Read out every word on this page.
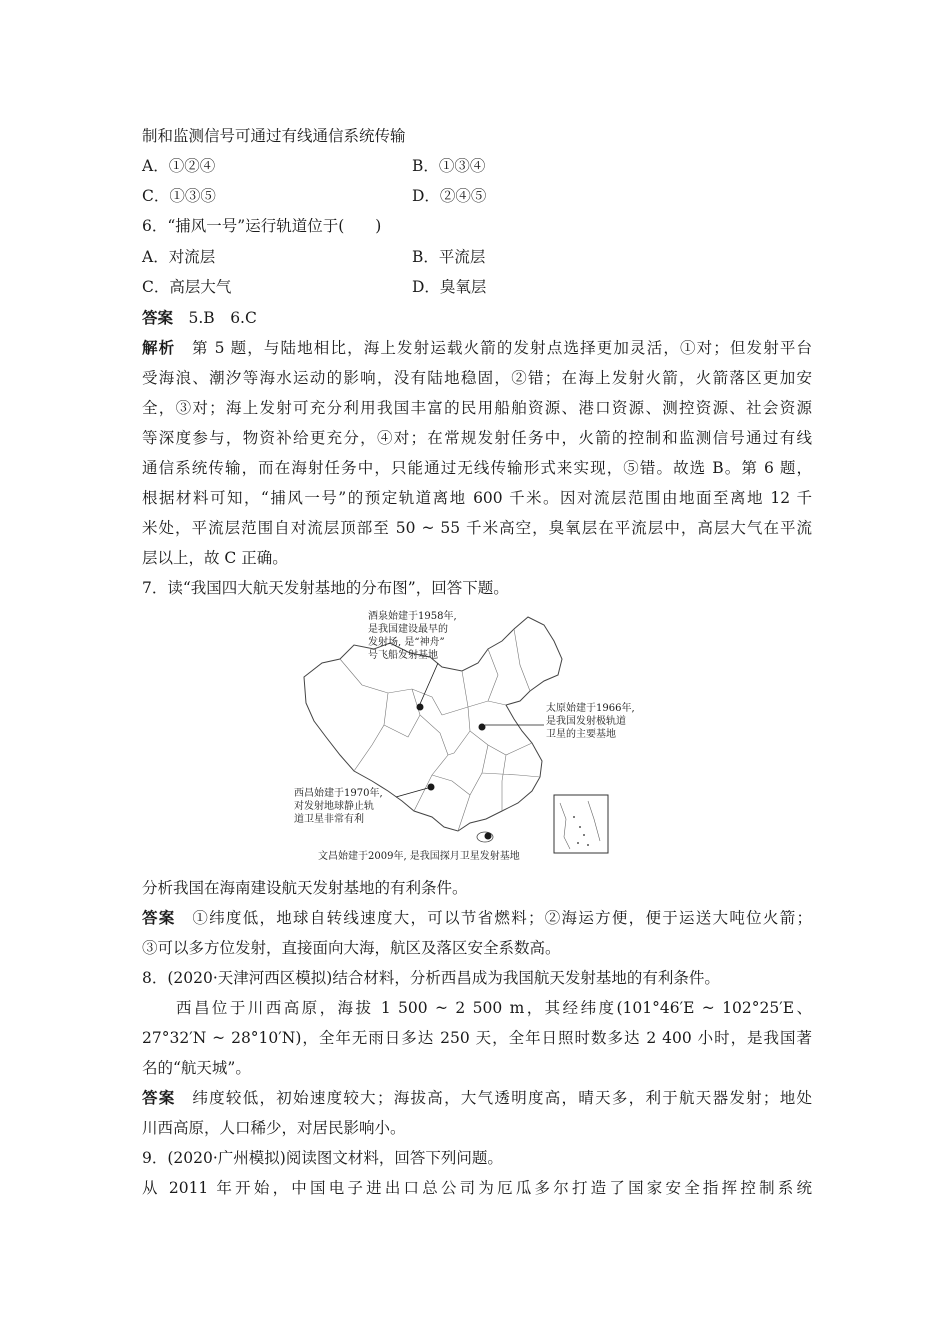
制和监测信号可通过有线通信系统传输
A．①②④	B．①③④
C．①③⑤	D．②④⑤
6．“捕风一号”运行轨道位于(　　)
A．对流层	B．平流层
C．高层大气	D．臭氧层
答案　5.B　6.C
解析　第 5 题，与陆地相比，海上发射运载火箭的发射点选择更加灵活，①对；但发射平台
受海浪、潮汐等海水运动的影响，没有陆地稳固，②错；在海上发射火箭，火箭落区更加安
全，③对；海上发射可充分利用我国丰富的民用船舶资源、港口资源、测控资源、社会资源
等深度参与，物资补给更充分，④对；在常规发射任务中，火箭的控制和监测信号通过有线
通信系统传输，而在海射任务中，只能通过无线传输形式来实现，⑤错。故选 B。第 6 题，
根据材料可知，“捕风一号”的预定轨道离地 600 千米。因对流层范围由地面至离地 12 千
米处，平流层范围自对流层顶部至 50 ~ 55 千米高空，臭氧层在平流层中，高层大气在平流
层以上，故 C 正确。
7．读“我国四大航天发射基地的分布图”，回答下题。
分析我国在海南建设航天发射基地的有利条件。
答案　①纬度低，地球自转线速度大，可以节省燃料；②海运方便，便于运送大吨位火箭；
③可以多方位发射，直接面向大海，航区及落区安全系数高。
8．(2020·天津河西区模拟)结合材料，分析西昌成为我国航天发射基地的有利条件。
西昌位于川西高原，海拔 1 500 ~ 2 500 m，其经纬度(101°46′E ~ 102°25′E、
27°32′N ~ 28°10′N)，全年无雨日多达 250 天，全年日照时数多达 2 400 小时，是我国著
名的“航天城”。
答案　纬度较低，初始速度较大；海拔高，大气透明度高，晴天多，利于航天器发射；地处
川西高原，人口稀少，对居民影响小。
9．(2020·广州模拟)阅读图文材料，回答下列问题。
从 2011 年开始，中国电子进出口总公司为厄瓜多尔打造了国家安全指挥控制系统
酒泉始建于1958年,
是我国建设最早的
发射场, 是“神舟”
号飞船发射基地
太原始建于1966年,
是我国发射极轨道
卫星的主要基地
西昌始建于1970年,
对发射地球静止轨
道卫星非常有利
文昌始建于2009年, 是我国探月卫星发射基地
